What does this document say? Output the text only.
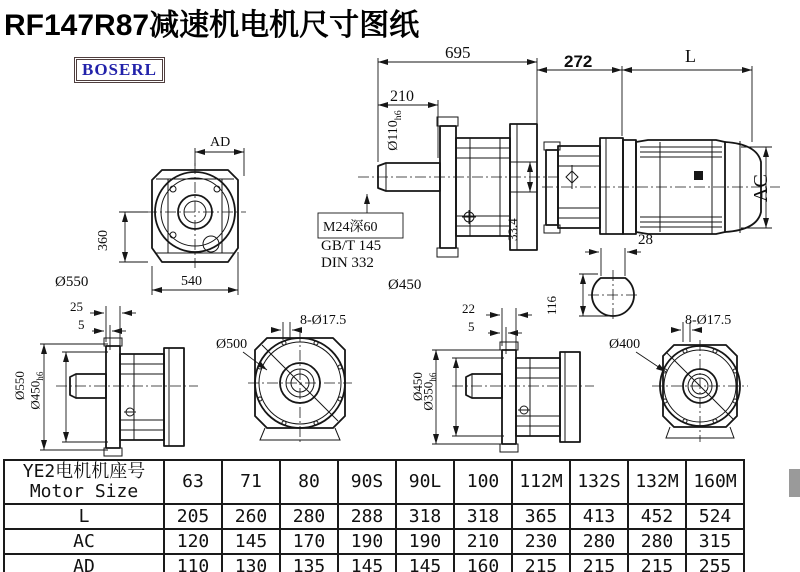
RF147R87减速机电机尺寸图纸
BOSERL
AD
360
540
Ø550
695
210
$Ø110_{h6}$
M24深60
GB/T 145
DIN 332
33.4
Ø450
272	L
AC
28
116
25
5
Ø550 $Ø450_{h6}$
8-Ø17.5
Ø500
22
5
Ø450
$Ø350_{h6}$
8-Ø17.5
Ø400
YE2电机机座号
Motor Size	63	71	80	90S	90L	100	112M	132S	132M	160M
L	205	260	280	288	318	318	365	413	452	524
AC	120	145	170	190	190	210	230	280	280	315
AD	110	130	135	145	145	160	215	215	215	255
